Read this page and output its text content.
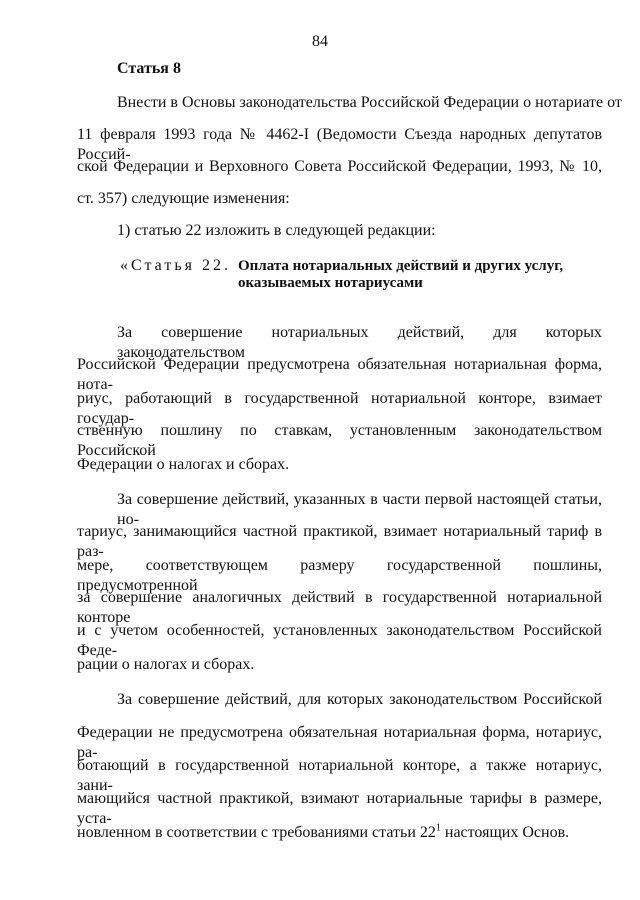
84
Статья 8
Внести в Основы законодательства Российской Федерации о нотариате от
11 февраля 1993 года № 4462-I (Ведомости Съезда народных депутатов Россий-
ской Федерации и Верховного Совета Российской Федерации, 1993, № 10,
ст. 357) следующие изменения:
1) статью 22 изложить в следующей редакции:
«Статья 22. Оплата нотариальных действий и других услуг,
оказываемых нотариусами
За совершение нотариальных действий, для которых законодательством
Российской Федерации предусмотрена обязательная нотариальная форма, нота-
риус, работающий в государственной нотариальной конторе, взимает государ-
ственную пошлину по ставкам, установленным законодательством Российской
Федерации о налогах и сборах.
За совершение действий, указанных в части первой настоящей статьи, но-
тариус, занимающийся частной практикой, взимает нотариальный тариф в раз-
мере, соответствующем размеру государственной пошлины, предусмотренной
за совершение аналогичных действий в государственной нотариальной конторе
и с учетом особенностей, установленных законодательством Российской Феде-
рации о налогах и сборах.
За совершение действий, для которых законодательством Российской
Федерации не предусмотрена обязательная нотариальная форма, нотариус, ра-
ботающий в государственной нотариальной конторе, а также нотариус, зани-
мающийся частной практикой, взимают нотариальные тарифы в размере, уста-
новленном в соответствии с требованиями статьи $22^1$ настоящих Основ.
